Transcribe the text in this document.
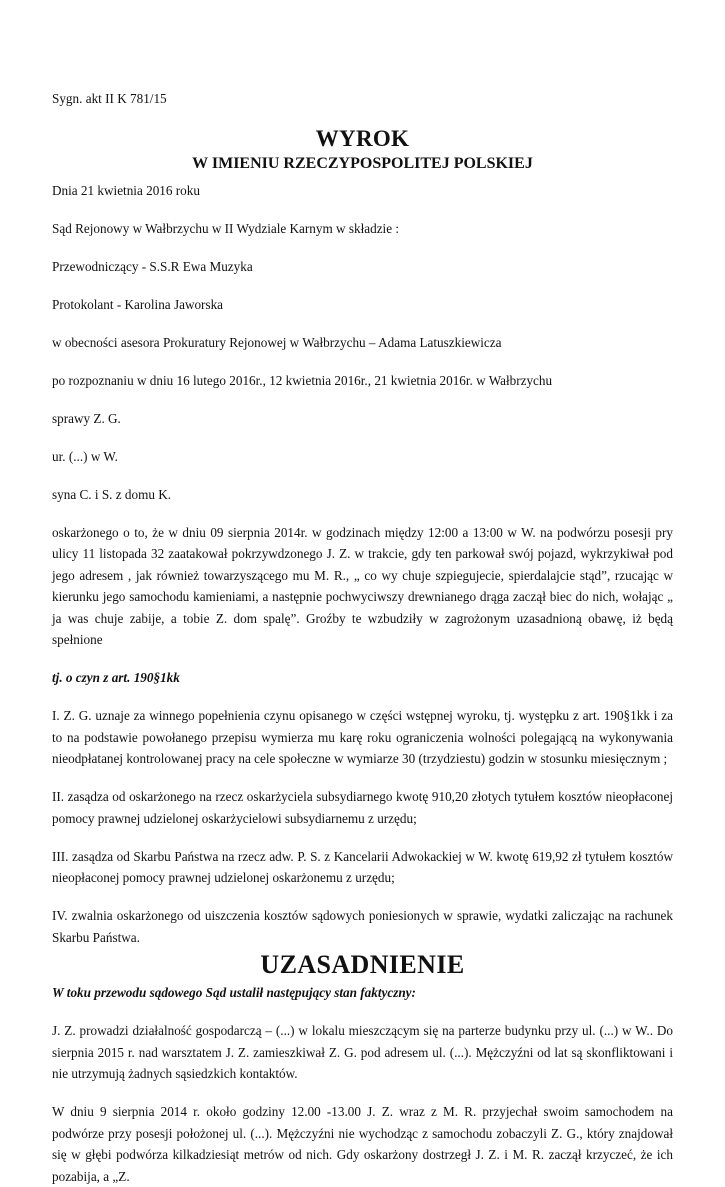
Sygn. akt II K 781/15

WYROK
W IMIENIU RZECZYPOSPOLITEJ POLSKIEJ

Dnia 21 kwietnia 2016 roku

Sąd Rejonowy w Wałbrzychu w II Wydziale Karnym w składzie :

Przewodniczący - S.S.R Ewa Muzyka

Protokolant - Karolina Jaworska

w obecności asesora Prokuratury Rejonowej w Wałbrzychu – Adama Latuszkiewicza

po rozpoznaniu w dniu 16 lutego 2016r., 12 kwietnia 2016r., 21 kwietnia 2016r. w Wałbrzychu

sprawy Z. G.

ur. (...) w W.

syna C. i S. z domu K.

oskarżonego o to, że w dniu 09 sierpnia 2014r. w godzinach między 12:00 a 13:00 w W. na podwórzu posesji pry ulicy 11 listopada 32 zaatakował pokrzywdzonego J. Z. w trakcie, gdy ten parkował swój pojazd, wykrzykiwał pod jego adresem , jak również towarzyszącego mu M. R., „ co wy chuje szpiegujecie, spierdalajcie stąd”, rzucając w kierunku jego samochodu kamieniami, a następnie pochwyciwszy drewnianego drąga zaczął biec do nich, wołając „ ja was chuje zabije, a tobie Z. dom spalę”. Groźby te wzbudziły w zagrożonym uzasadnioną obawę, iż będą spełnione

tj. o czyn z art. 190§1kk

I. Z. G. uznaje za winnego popełnienia czynu opisanego w części wstępnej wyroku, tj. występku z art. 190§1kk i za to na podstawie powołanego przepisu wymierza mu karę roku ograniczenia wolności polegającą na wykonywania nieodpłatanej kontrolowanej pracy na cele społeczne w wymiarze 30 (trzydziestu) godzin w stosunku miesięcznym ;

II. zasądza od oskarżonego na rzecz oskarżyciela subsydiarnego kwotę 910,20 złotych tytułem kosztów nieopłaconej pomocy prawnej udzielonej oskarżycielowi subsydiarnemu z urzędu;

III. zasądza od Skarbu Państwa na rzecz adw. P. S. z Kancelarii Adwokackiej w W. kwotę 619,92 zł tytułem kosztów nieopłaconej pomocy prawnej udzielonej oskarżonemu z urzędu;

IV. zwalnia oskarżonego od uiszczenia kosztów sądowych poniesionych w sprawie, wydatki zaliczając na rachunek Skarbu Państwa.

UZASADNIENIE

W toku przewodu sądowego Sąd ustalił następujący stan faktyczny:

J. Z. prowadzi działalność gospodarczą – (...) w lokalu mieszczącym się na parterze budynku przy ul. (...) w W.. Do sierpnia 2015 r. nad warsztatem J. Z. zamieszkiwał Z. G. pod adresem ul. (...). Mężczyźni od lat są skonfliktowani i nie utrzymują żadnych sąsiedzkich kontaktów.

W dniu 9 sierpnia 2014 r. około godziny 12.00 -13.00 J. Z. wraz z M. R. przyjechał swoim samochodem na podwórze przy posesji położonej ul. (...). Mężczyźni nie wychodząc z samochodu zobaczyli Z. G., który znajdował się w głębi podwórza kilkadziesiąt metrów od nich. Gdy oskarżony dostrzegł J. Z. i M. R. zaczął krzyczeć, że ich pozabija, a „Z.
